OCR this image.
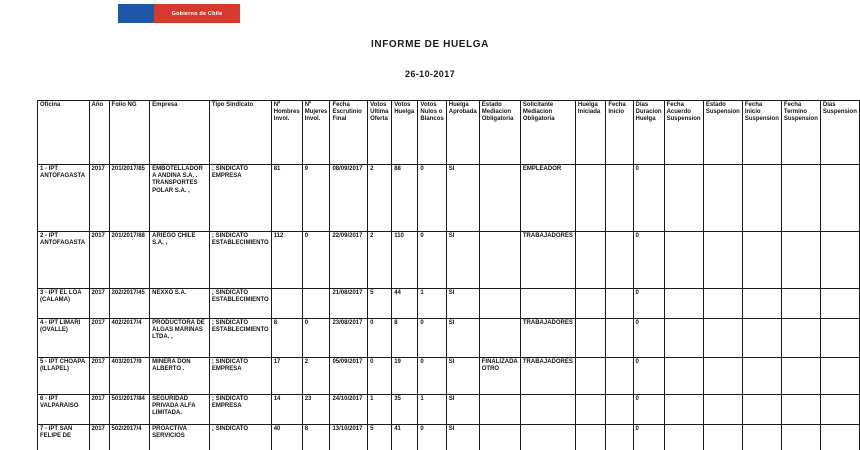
Gobierno de Chile
INFORME DE HUELGA
26-10-2017
Oficina	Año	Folio NG	Empresa	Tipo Sindicato	Nº Hombres Invol.	Nº Mujeres Invol.	Fecha Escrutinio Final	Votos Ultima Oferta	Votos Huelga	Votos Nulos o Blancos	Huelga Aprobada	Estado Mediacion Obligatoria	Solicitante Mediacion Obligatoria	Huelga Iniciada	Fecha Inicio	Días Duracion Huelga	Fecha Acuerdo Suspension	Estado Suspension	Fecha Inicio Suspension	Fecha Termino Suspension	Días Suspension
1 - IPT ANTOFAGASTA	2017	201/2017/85	EMBOTELLADORA ANDINA S.A. . TRANSPORTES POLAR S.A. ,	; SINDICATO EMPRESA	81	9	08/09/2017	2	88	0	SI		EMPLEADOR			0					
2 - IPT ANTOFAGASTA	2017	201/2017/88	ARIEGO CHILE S.A. ,	; SINDICATO ESTABLECIMIENTO	112	0	22/09/2017	2	110	0	SI		TRABAJADORES			0					
3 - IPT EL LOA (CALAMA)	2017	202/2017/45	NEXXO S.A.	; SINDICATO ESTABLECIMIENTO			21/08/2017	5	44	1	SI					0					
4 - IPT LIMARI (OVALLE)	2017	402/2017/4	PRODUCTORA DE ALGAS MARINAS LTDA. ,	; SINDICATO ESTABLECIMIENTO	8	0	23/08/2017	0	8	0	SI		TRABAJADORES			0					
5 - IPT CHOAPA (ILLAPEL)	2017	403/2017/9	MINERA DON ALBERTO .	; SINDICATO EMPRESA	17	2	05/09/2017	0	19	0	SI	FINALIZADA OTRO	TRABAJADORES			0					
6 - IPT VALPARAISO	2017	501/2017/84	SEGURIDAD PRIVADA ALFA LIMITADA.	; SINDICATO EMPRESA	14	23	24/10/2017	1	35	1	SI					0					
7 - IPT SAN FELIPE DE	2017	502/2017/4	PROACTIVA SERVICIOS	; SINDICATO	40	8	13/10/2017	5	41	0	SI					0					
